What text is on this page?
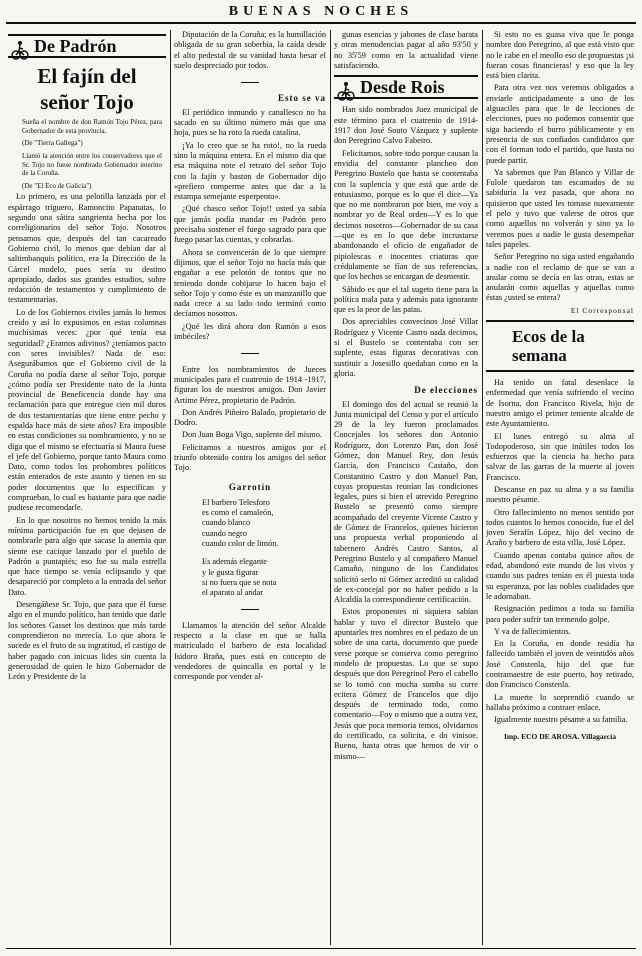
BUENAS NOCHES
De Padrón
El fajín del
señor Tojo
Sueña el nombre de don Ramón Tojo Pérez, para Gobernador de esta provincia.
(De "Tierra Gallega")
Llamó la atención entre los conservadores que el Sr. Tojo no fuese nombrado Gobernador interino de la Coruña.
(De "El Eco de Galicia")

Lo primero, es una pelotilla lanzada por el espárrago triguero, Ramoncito Papanatas, lo segundo una sátira sangrienta hecha por los correligionarios del señor Tojo. Nosotros pensamos que, después del tan cacareado Gobierno civil, lo menos que debían dar al saltimbanquis político, era la Dirección de la Cárcel modelo, pues sería su destino apropiado, dados sus grandes estudios, sobre redacción de testamentos y cumplimiento de testamentarías.

Lo de los Gobiernos civiles jamás lo hemos creído y así lo expusimos en estas columnas muchísimas veces: ¿por qué tenía esa seguridad? ¿Eramos adivinos? ¿teníamos pacto con seres invisibles? Nada de eso: Asegurábamos que el Gobierno civil de la Coruña no podía darse al señor Tojo, porque ¿cómo podía ser Presidente nato de la Junta provincial de Beneficencia donde hay una reclamación para que entregue cien mil duros de dos testamentarías que tiene entre pecho y espalda hace más de siete años? Era imposible en estas condiciones su nombramiento, y no se diga que el mismo se efectuaría si Maura fuese el jefe del Gobierno, porque tanto Maura como Dato, como todos los prohombres políticos están enterados de este asunto y tienen en su poder documentos que lo especifican y comprueban, lo cual es bastante para que nadie pudiese recomendarle.

En lo que nosotros no hemos tenido la más mínima participación fue en que dejasen de nombrarle para algo que sacase la anemia que siente ese cacique lanzado por el pueblo de Padrón a puntapiés; eso fue su mala estrella que hace tiempo se venía eclipsando y que desapareció por completo a la entrada del señor Dato.

Desengáñese Sr. Tojo, que para que él fuese algo en el mundo político, han tenido que darle los señores Gasset los destinos que más tarde comprendieron no merecía. Lo que ahora le sucede es el fruto de su ingratitud, el castigo de haber pagado con inicuas lides sin cuenta la generosidad de quien le hizo Gobernador de León y Presidente de la

Diputación de la Coruña; es la humillación obligada de su gran soberbia, la caída desde el alto pedestal de su vanidad hasta besar el suelo despreciado por todos.

Esto se va

El periódico inmundo y canallesco no ha sacado en su último número más que una hoja, pues se ha roto la rueda catalina.

¡Ya lo creo que se ha roto!, no la rueda sino la máquina entera. En el mismo día que esa máquina note el retrato del señor Tojo con la fajín y baston de Gobernador dijo «prefiero romperme antes que dar a la estampa semejante esperpento».

¿Qué chasco señor Tojo!! usted ya sabía que jamás podía mandar en Padrón pero precisaba sostener el fuego sagrado para que fuego pasar las cuentas, y cobrarlas.

Ahora se convencerán de lo que siempre dijimos, que el señor Tojo no hacía más que engañar a ese pelotón de tontos que no teniendo donde cobijarse lo hacen bajo el señor Tojo y como éste es un manzanillo que nada crece a su lado todo terminó como decíamos nosotros.

¿Qué les dirá ahora don Ramón a esos imbéciles?

Entre los nombramientos de Jueces municipales para el cuatrenio de 1914 -1917, figuran los de nuestros amigos. Don Javier Artime Pérez, propietario de Padrón.

Don Andrés Piñeiro Balado, propietario de Dodro.

Don Juan Boga Vigo, suplente del mismo.

Felicitamos a nuestros amigos por el triunfo obtenido contra los amigos del señor Tojo.

Garrotín
El barbero Telesforo
es como el camaleón,
cuando blanco
cuando negro
cuando color de limón.
Es además elegante
y le gusta figurar
si no fuera que se nota
el aparato al andar

Llamamos la atención del señor Alcalde respecto a la clase en que se halla matriculado el barbero de esta localidad Isidoro Braña, pues está en concepto de vendedores de quincalla en portal y le corresponde por vender al-

gunas esencias y jabones de clase barata y otras menudencias pagar al año 93'50 y no 35'59 como en la actualidad viene satisfaciendo.

Desde Rois

Han sido nombrados Juez municipal de este término para el cuatrenio de 1914-1917 don José Souto Vázquez y suplente don Peregrino Calvo Fabeiro.

Felicitamos, sobre todo porque causan la envidia del constante plancheo don Peregrino Bustelo que hasta se contentaba con la suplencia y que está que arde de entusiasmo, porque es lo que él dice—Ya que no me nombraron por bien, me voy a nombrar yo de Real orden—Y es lo que decimos nosotros—Gobernador de su casa—que es en lo que debe incrustarse abandonando el oficio de engañador de pipiolescas e inocentes criaturas que crédulamente se fían de sus referencias, que los hechos se encargan de desmentir.

Sábido es que el tal sugeto tiene para la política mala pata y además pata ignorante que es la peor de las patas.

Dos apreciables convecinos José Villar Rodríguez y Vicente Castro nada decimos, si el Bustelo se contentaba con ser suplente, estas figuras decorativas con sustituir a Josesillo quedaban como en la gloria.

De elecciones

El domingo dos del actual se reunió la Junta municipal del Censo y por el artículo 29 de la ley fueron proclamados Concejales los señores don Antonio Rodríguez, don Lorenzo Pan, don José Gómez, don Manuel Rey, don Jesús García, don Francisco Castaño, don Constantino Castro y don Manuel Pan, cuyas propuestas reunían las condiciones legales, pues si bien el atrevido Peregrino Bustelo se presentó como siempre acompañado del creyente Vicente Castro y de Gómez de Francelos, quienes hicieron una propuesta verbal proponiendo al tabernero Andrés Castro Santos, al Peregrino Bustelo y al compañero Manuel Camaño, ninguno de los Candidatos solicitó serlo ni Gómez acreditó su calidad de ex-concejal por no haber pedido a la Alcaldía la correspondiente certificación.

Estos proponentes ni siquiera sabían hablar y tuvo el director Bustelo que apuntarles tres nombres en el pedazo de un sobre de una carta, documento que puede verse porque se conserva como peregrino modelo de propuestas. Lo que se supo después que don Peregrinol Pero el cabello se lo tomó con mucha sumba su corre ecitera Gómez de Francelos que dijo después de terminado todo, como comentario—Foy o mismo que a outra vez, Jesús que poca memoria temos, olvidarnos do certificado, ca solicita, e do vinisoe. Bueno, hasta otras que hemos de vir o mismo—

Si esto no es guasa viva que le ponga nombre don Peregrino, al que está visto que no le cabe en el meollo eso de propuestas ¡si fueran cosas financieras! y eso que la ley está bien clarita.

Para otra vez nos veremos obligados a enviarle anticipadamente a uno de los alguaciles para que le de lecciones de elecciones, pues no podemos consentir que siga haciendo el burro públicamente y en presencia de sus confiados candidatos que con él forman todo el partido, que hasta no puede partir.

Ya sabemos que Pan Blanco y Villar de Fulole quedaron tan escamados de su sabiduría la vez pasada, que ahora no quisieron que usted les tomase nuevamente el pelo y tuvo que valerse de otros que como aquellos no volverán y sino ya lo veremos pues a nadie le gusta desempeñar tales papeles.

Señor Peregrino no siga usted engañando a nadie con el reclamo de que se van a anular como se decía en las otras, estas se anularán como aquellas y aquellas como éstas ¿usted se entera?

El Corresponsal
Ecos de la
semana

Ha tenido un fatal desenlace la enfermedad que venía sufriendo el vecino de Isorna, don Francisco Rivela, hijo de nuestro amigo el primer teniente alcalde de este Ayuntamiento.

El lunes entregó su alma al Todopoderoso, sin que inútiles todos los esfuerzos que la ciencia ha hecho para salvar de las garras de la muerte al joven Francisco.

Descanse en paz su alma y a su familia nuestro pésame.

Otro fallecimiento no menos sentido por todos cuantos lo hemos conocido, fue el del joven Serafín López, hijo del vecino de Araño y barbero de esta villa, José López.

Cuando apenas contaba quince años de edad, abandonó este mundo de los vivos y cuando sus padres tenían en él puesta toda su esperanza, por las nobles cualidades que le adornaban.

Resignación pedimos a toda su familia para poder sufrir tan tremendo golpe.

Y va de fallecimientos.

En la Coruña, en donde residía ha fallecido también el joven de veintidós años José Constenla, hijo del que fue contramaestre de este puerto, hoy retirado, don Francisco Constenla.

La muerte lo sorprendió cuando se hallaba próximo a contraer enlace.

Igualmente nuestro pésame a su familia.

Imp. ECO DE AROSA. Villagarcía
